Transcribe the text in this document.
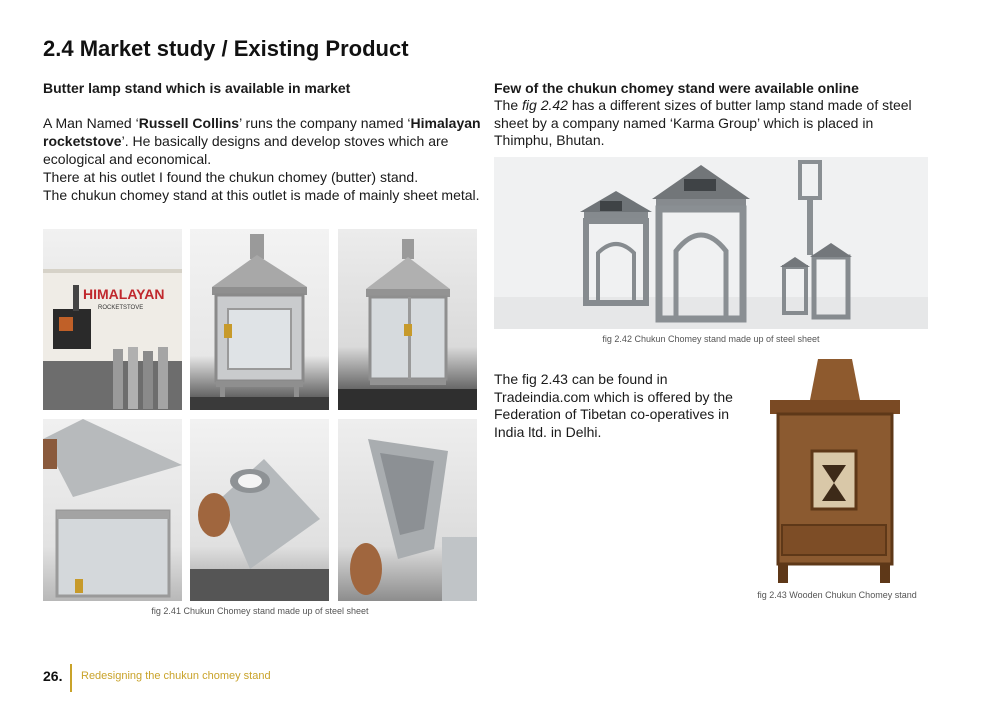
2.4 Market study / Existing Product
Butter lamp stand which is available in market

A Man Named ‘Russell Collins’ runs the company named ‘Himalayan rocketstove’. He basically designs and develop stoves which are ecological and economical.

There at his outlet I found the chukun chomey (butter) stand.

The chukun chomey stand at this outlet is made of mainly sheet metal.

HIMALAYAN
ROCKETSTOVE
fig 2.41 Chukun Chomey stand made up of steel sheet
Few of the chukun chomey stand were available online
The fig 2.42 has a different sizes of butter lamp stand made of steel sheet by a company named ‘Karma Group’ which is placed in Thimphu, Bhutan.
fig 2.42 Chukun Chomey stand made up of steel sheet
The fig 2.43 can be found in Tradeindia.com which is offered by the Federation of Tibetan co-operatives in India ltd. in Delhi.
fig 2.43 Wooden Chukun Chomey stand
26. Redesigning the chukun chomey stand
